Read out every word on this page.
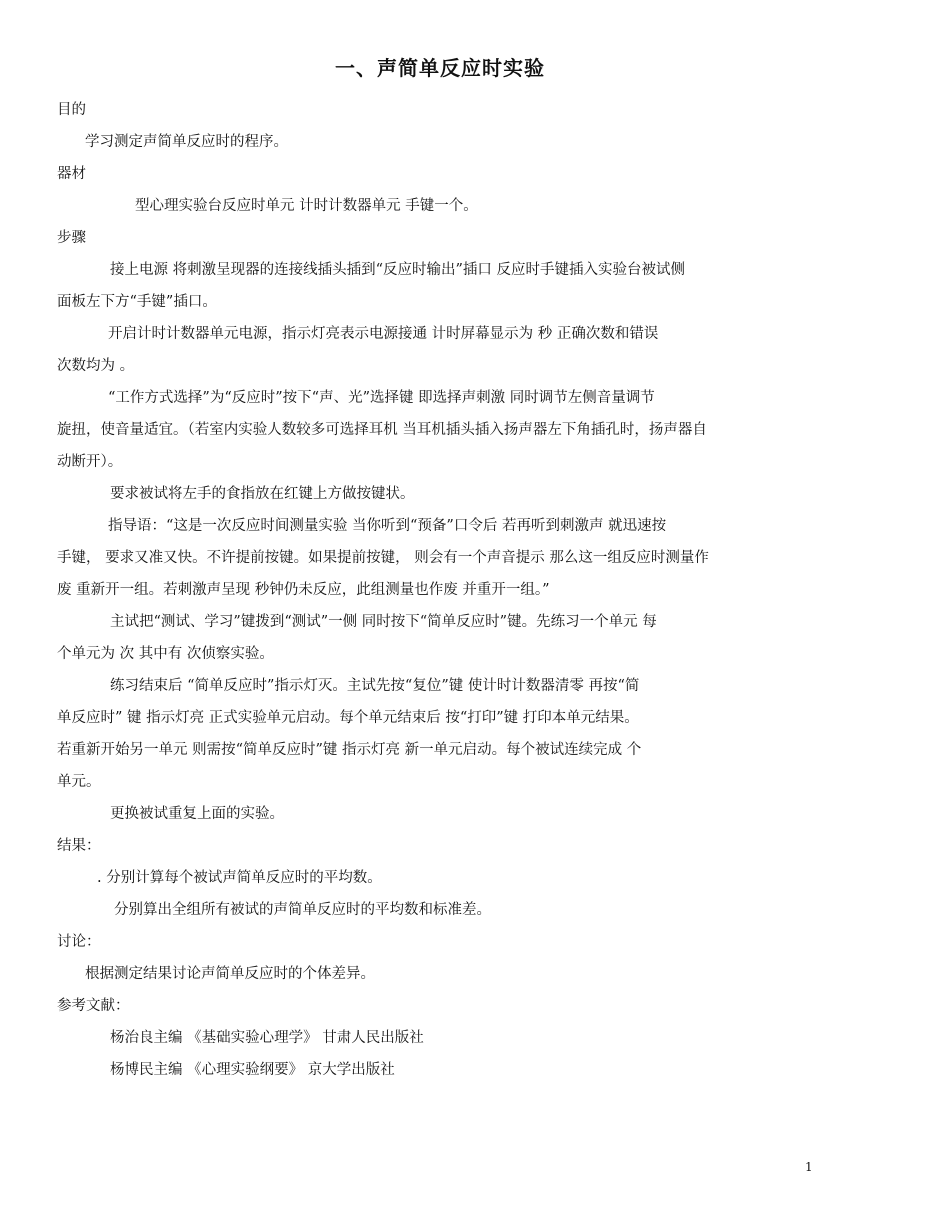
一、声简单反应时实验
目的
学习测定声简单反应时的程序。
器材
型心理实验台反应时单元 计时计数器单元 手键一个。
步骤
接上电源 将刺激呈现器的连接线插头插到“反应时输出”插口 反应时手键插入实验台被试侧
面板左下方“手键”插口。
开启计时计数器单元电源，指示灯亮表示电源接通 计时屏幕显示为 秒 正确次数和错误
次数均为 。
“工作方式选择”为“反应时”按下“声、光”选择键 即选择声刺激 同时调节左侧音量调节
旋扭，使音量适宜。（若室内实验人数较多可选择耳机 当耳机插头插入扬声器左下角插孔时，扬声器自
动断开）。
要求被试将左手的食指放在红键上方做按键状。
指导语：“这是一次反应时间测量实验 当你听到“预备”口令后 若再听到刺激声 就迅速按
手键， 要求又准又快。不许提前按键。如果提前按键， 则会有一个声音提示 那么这一组反应时测量作
废 重新开一组。若刺激声呈现 秒钟仍未反应，此组测量也作废 并重开一组。”
主试把“测试、学习”键拨到“测试”一侧 同时按下“简单反应时”键。先练习一个单元 每
个单元为 次 其中有 次侦察实验。
练习结束后 “简单反应时”指示灯灭。主试先按“复位”键 使计时计数器清零 再按“简
单反应时” 键 指示灯亮 正式实验单元启动。每个单元结束后 按“打印”键 打印本单元结果。
若重新开始另一单元 则需按“简单反应时”键 指示灯亮 新一单元启动。每个被试连续完成 个
单元。
更换被试重复上面的实验。
结果：
. 分别计算每个被试声简单反应时的平均数。
分别算出全组所有被试的声简单反应时的平均数和标准差。
讨论：
根据测定结果讨论声简单反应时的个体差异。
参考文献：
杨治良主编 《基础实验心理学》 甘肃人民出版社
杨博民主编 《心理实验纲要》 京大学出版社
1
